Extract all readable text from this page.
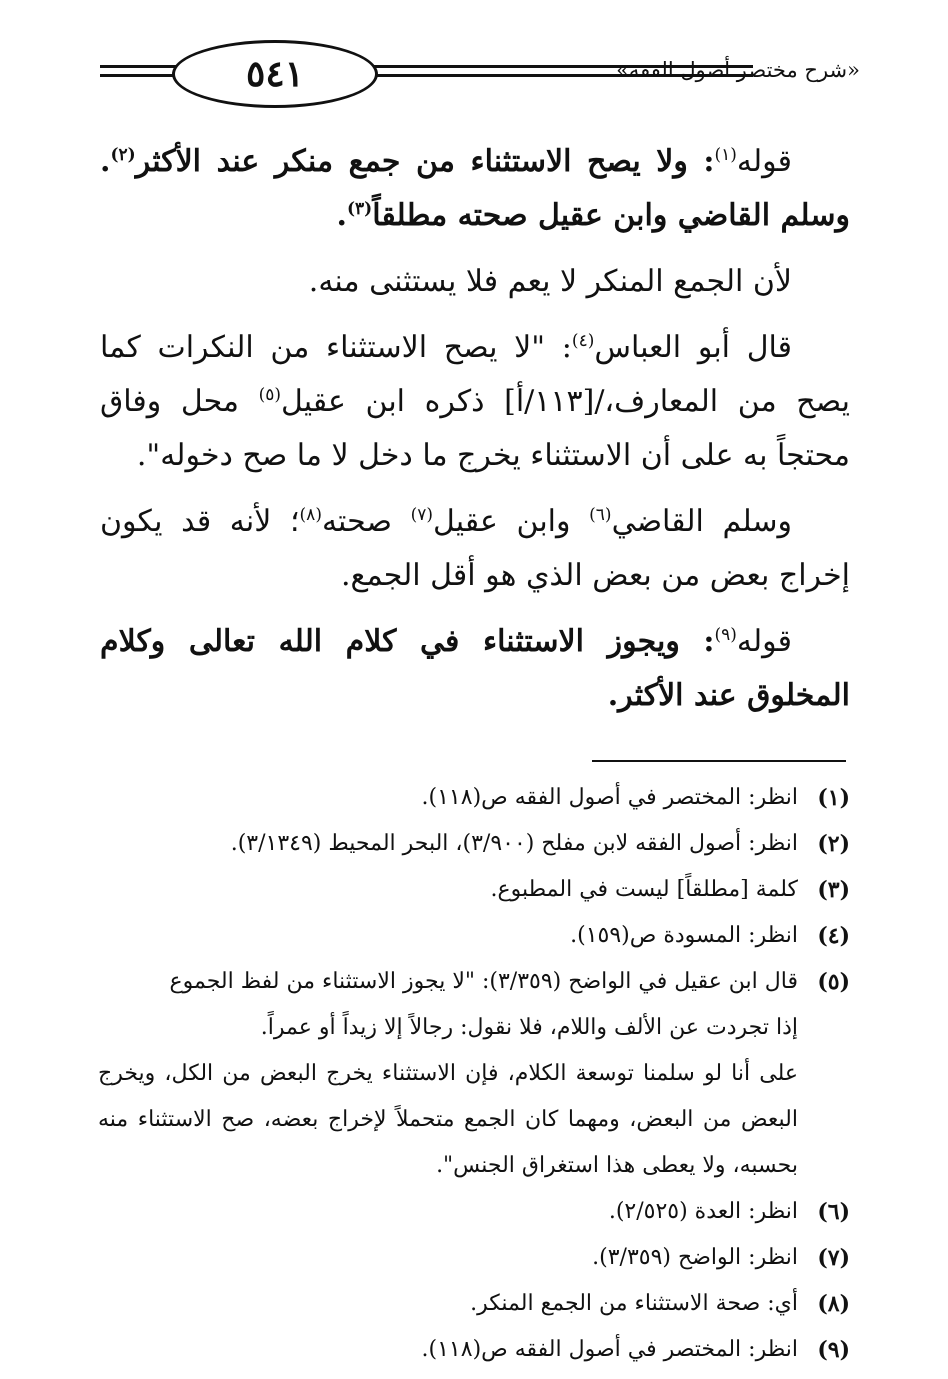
٥٤١	«شرح مختصر أصول الفقه»

قوله$^{(١)}$: ولا يصح الاستثناء من جمع منكر عند الأكثر$^{(٢)}$. وسلم القاضي وابن عقيل صحته مطلقاً$^{(٣)}$.

لأن الجمع المنكر لا يعم فلا يستثنى منه.

قال أبو العباس$^{(٤)}$: "لا يصح الاستثناء من النكرات كما يصح من المعارف،/[١١٣/أ] ذكره ابن عقيل$^{(٥)}$ محل وفاق محتجاً به على أن الاستثناء يخرج ما دخل لا ما صح دخوله".

وسلم القاضي$^{(٦)}$ وابن عقيل$^{(٧)}$ صحته$^{(٨)}$؛ لأنه قد يكون إخراج بعض من بعض الذي هو أقل الجمع.

قوله$^{(٩)}$: ويجوز الاستثناء في كلام الله تعالى وكلام المخلوق عند الأكثر.

(١)
انظر: المختصر في أصول الفقه ص(١١٨).

(٢)
انظر: أصول الفقه لابن مفلح (٣/٩٠٠)، البحر المحيط (٣/١٣٤٩).

(٣)
كلمة [مطلقاً] ليست في المطبوع.

(٤)
انظر: المسودة ص(١٥٩).

(٥)
قال ابن عقيل في الواضح (٣/٣٥٩): "لا يجوز الاستثناء من لفظ الجموع

إذا تجردت عن الألف واللام، فلا نقول: رجالاً إلا زيداً أو عمراً.

على أنا لو سلمنا توسعة الكلام، فإن الاستثناء يخرج البعض من الكل، ويخرج البعض من البعض، ومهما كان الجمع متحملاً لإخراج بعضه، صح الاستثناء منه بحسبه، ولا يعطى هذا استغراق الجنس".

(٦)
انظر: العدة (٢/٥٢٥).

(٧)
انظر: الواضح (٣/٣٥٩).

(٨)
أي: صحة الاستثناء من الجمع المنكر.

(٩)
انظر: المختصر في أصول الفقه ص(١١٨).
